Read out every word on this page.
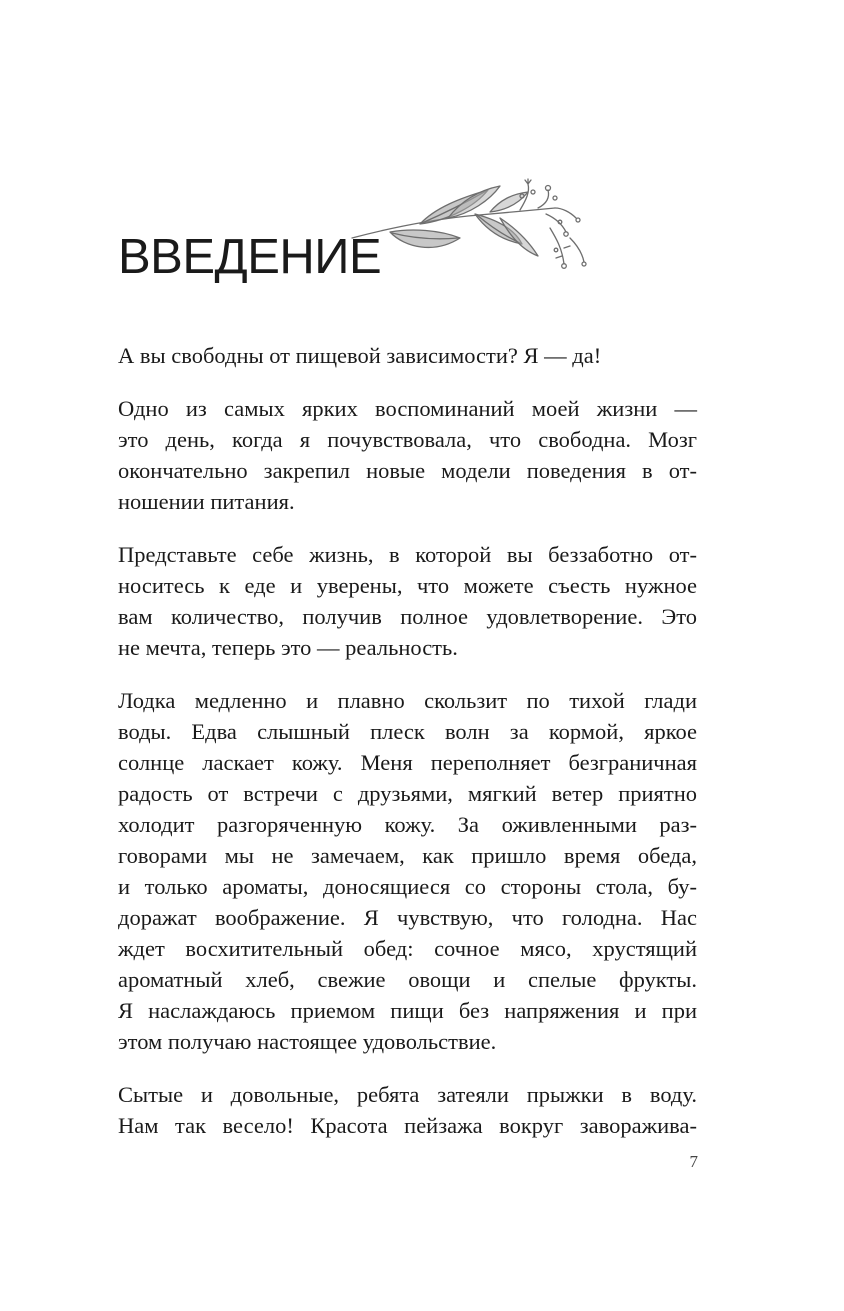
ВВЕДЕНИЕ

А вы свободны от пищевой зависимости? Я — да!

Одно из самых ярких воспоминаний моей жизни —
это день, когда я почувствовала, что свободна. Мозг
окончательно закрепил новые модели поведения в от-
ношении питания.

Представьте себе жизнь, в которой вы беззаботно от-
носитесь к еде и уверены, что можете съесть нужное
вам количество, получив полное удовлетворение. Это
не мечта, теперь это — реальность.

Лодка медленно и плавно скользит по тихой глади
воды. Едва слышный плеск волн за кормой, яркое
солнце ласкает кожу. Меня переполняет безграничная
радость от встречи с друзьями, мягкий ветер приятно
холодит разгоряченную кожу. За оживленными раз-
говорами мы не замечаем, как пришло время обеда,
и только ароматы, доносящиеся со стороны стола, бу-
доражат воображение. Я чувствую, что голодна. Нас
ждет восхитительный обед: сочное мясо, хрустящий
ароматный хлеб, свежие овощи и спелые фрукты.
Я наслаждаюсь приемом пищи без напряжения и при
этом получаю настоящее удовольствие.

Сытые и довольные, ребята затеяли прыжки в воду.
Нам так весело! Красота пейзажа вокруг заворажива-

7
